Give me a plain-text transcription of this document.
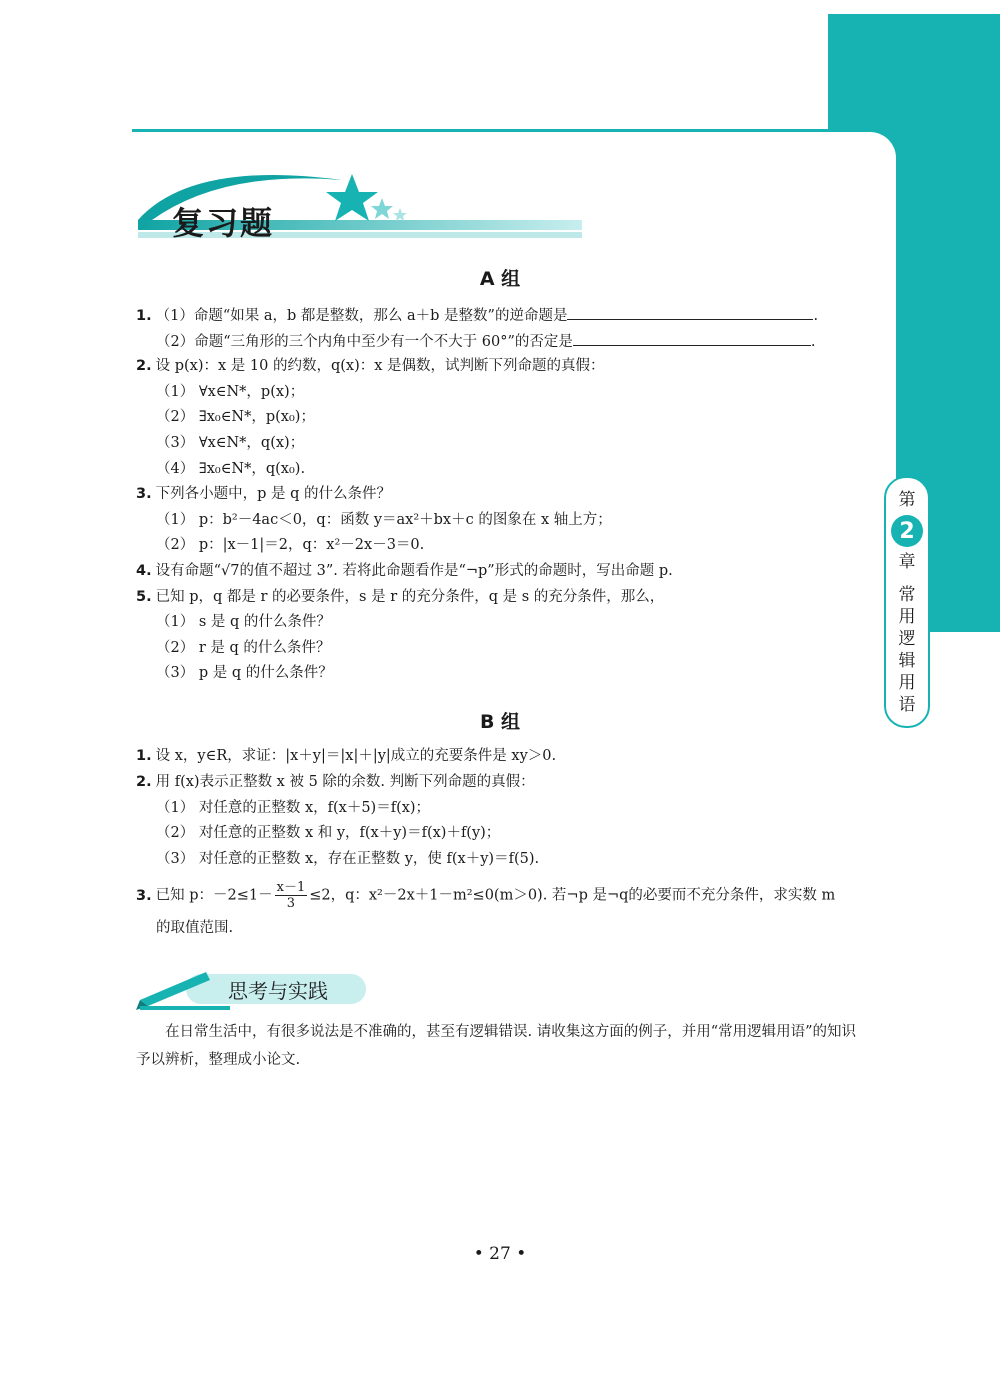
第
2
章
常用逻辑用语
复习题
A 组
1. （1）命题“如果 a，b 都是整数，那么 a＋b 是整数”的逆命题是	.
（2）命题“三角形的三个内角中至少有一个不大于 60°”的否定是	.
2. 设 p(x)：x 是 10 的约数，q(x)：x 是偶数，试判断下列命题的真假：
（1） ∀x∈N*，p(x)；
（2） ∃x₀∈N*，p(x₀)；
（3） ∀x∈N*，q(x)；
（4） ∃x₀∈N*，q(x₀).
3. 下列各小题中，p 是 q 的什么条件？
（1） p：b²－4ac＜0，q：函数 y＝ax²＋bx＋c 的图象在 x 轴上方；
（2） p：|x－1|＝2，q：x²－2x－3＝0.
4. 设有命题“√7的值不超过 3”. 若将此命题看作是“¬p”形式的命题时，写出命题 p.
5. 已知 p，q 都是 r 的必要条件，s 是 r 的充分条件，q 是 s 的充分条件，那么，
（1） s 是 q 的什么条件？
（2） r 是 q 的什么条件？
（3） p 是 q 的什么条件？
B 组
1. 设 x，y∈R，求证：|x＋y|＝|x|＋|y|成立的充要条件是 xy＞0.
2. 用 f(x)表示正整数 x 被 5 除的余数. 判断下列命题的真假：
（1） 对任意的正整数 x，f(x＋5)＝f(x)；
（2） 对任意的正整数 x 和 y，f(x＋y)＝f(x)＋f(y)；
（3） 对任意的正整数 x，存在正整数 y，使 f(x＋y)＝f(5).
3. 已知 p：$-2\le 1- \frac{x-1}{3} \le 2$，q：x²－2x＋1－m²≤0(m＞0). 若¬p 是¬q的必要而不充分条件，求实数 m
的取值范围.
思考与实践
在日常生活中，有很多说法是不准确的，甚至有逻辑错误. 请收集这方面的例子，并用“常用逻辑用语”的知识予以辨析，整理成小论文.
• 27 •
